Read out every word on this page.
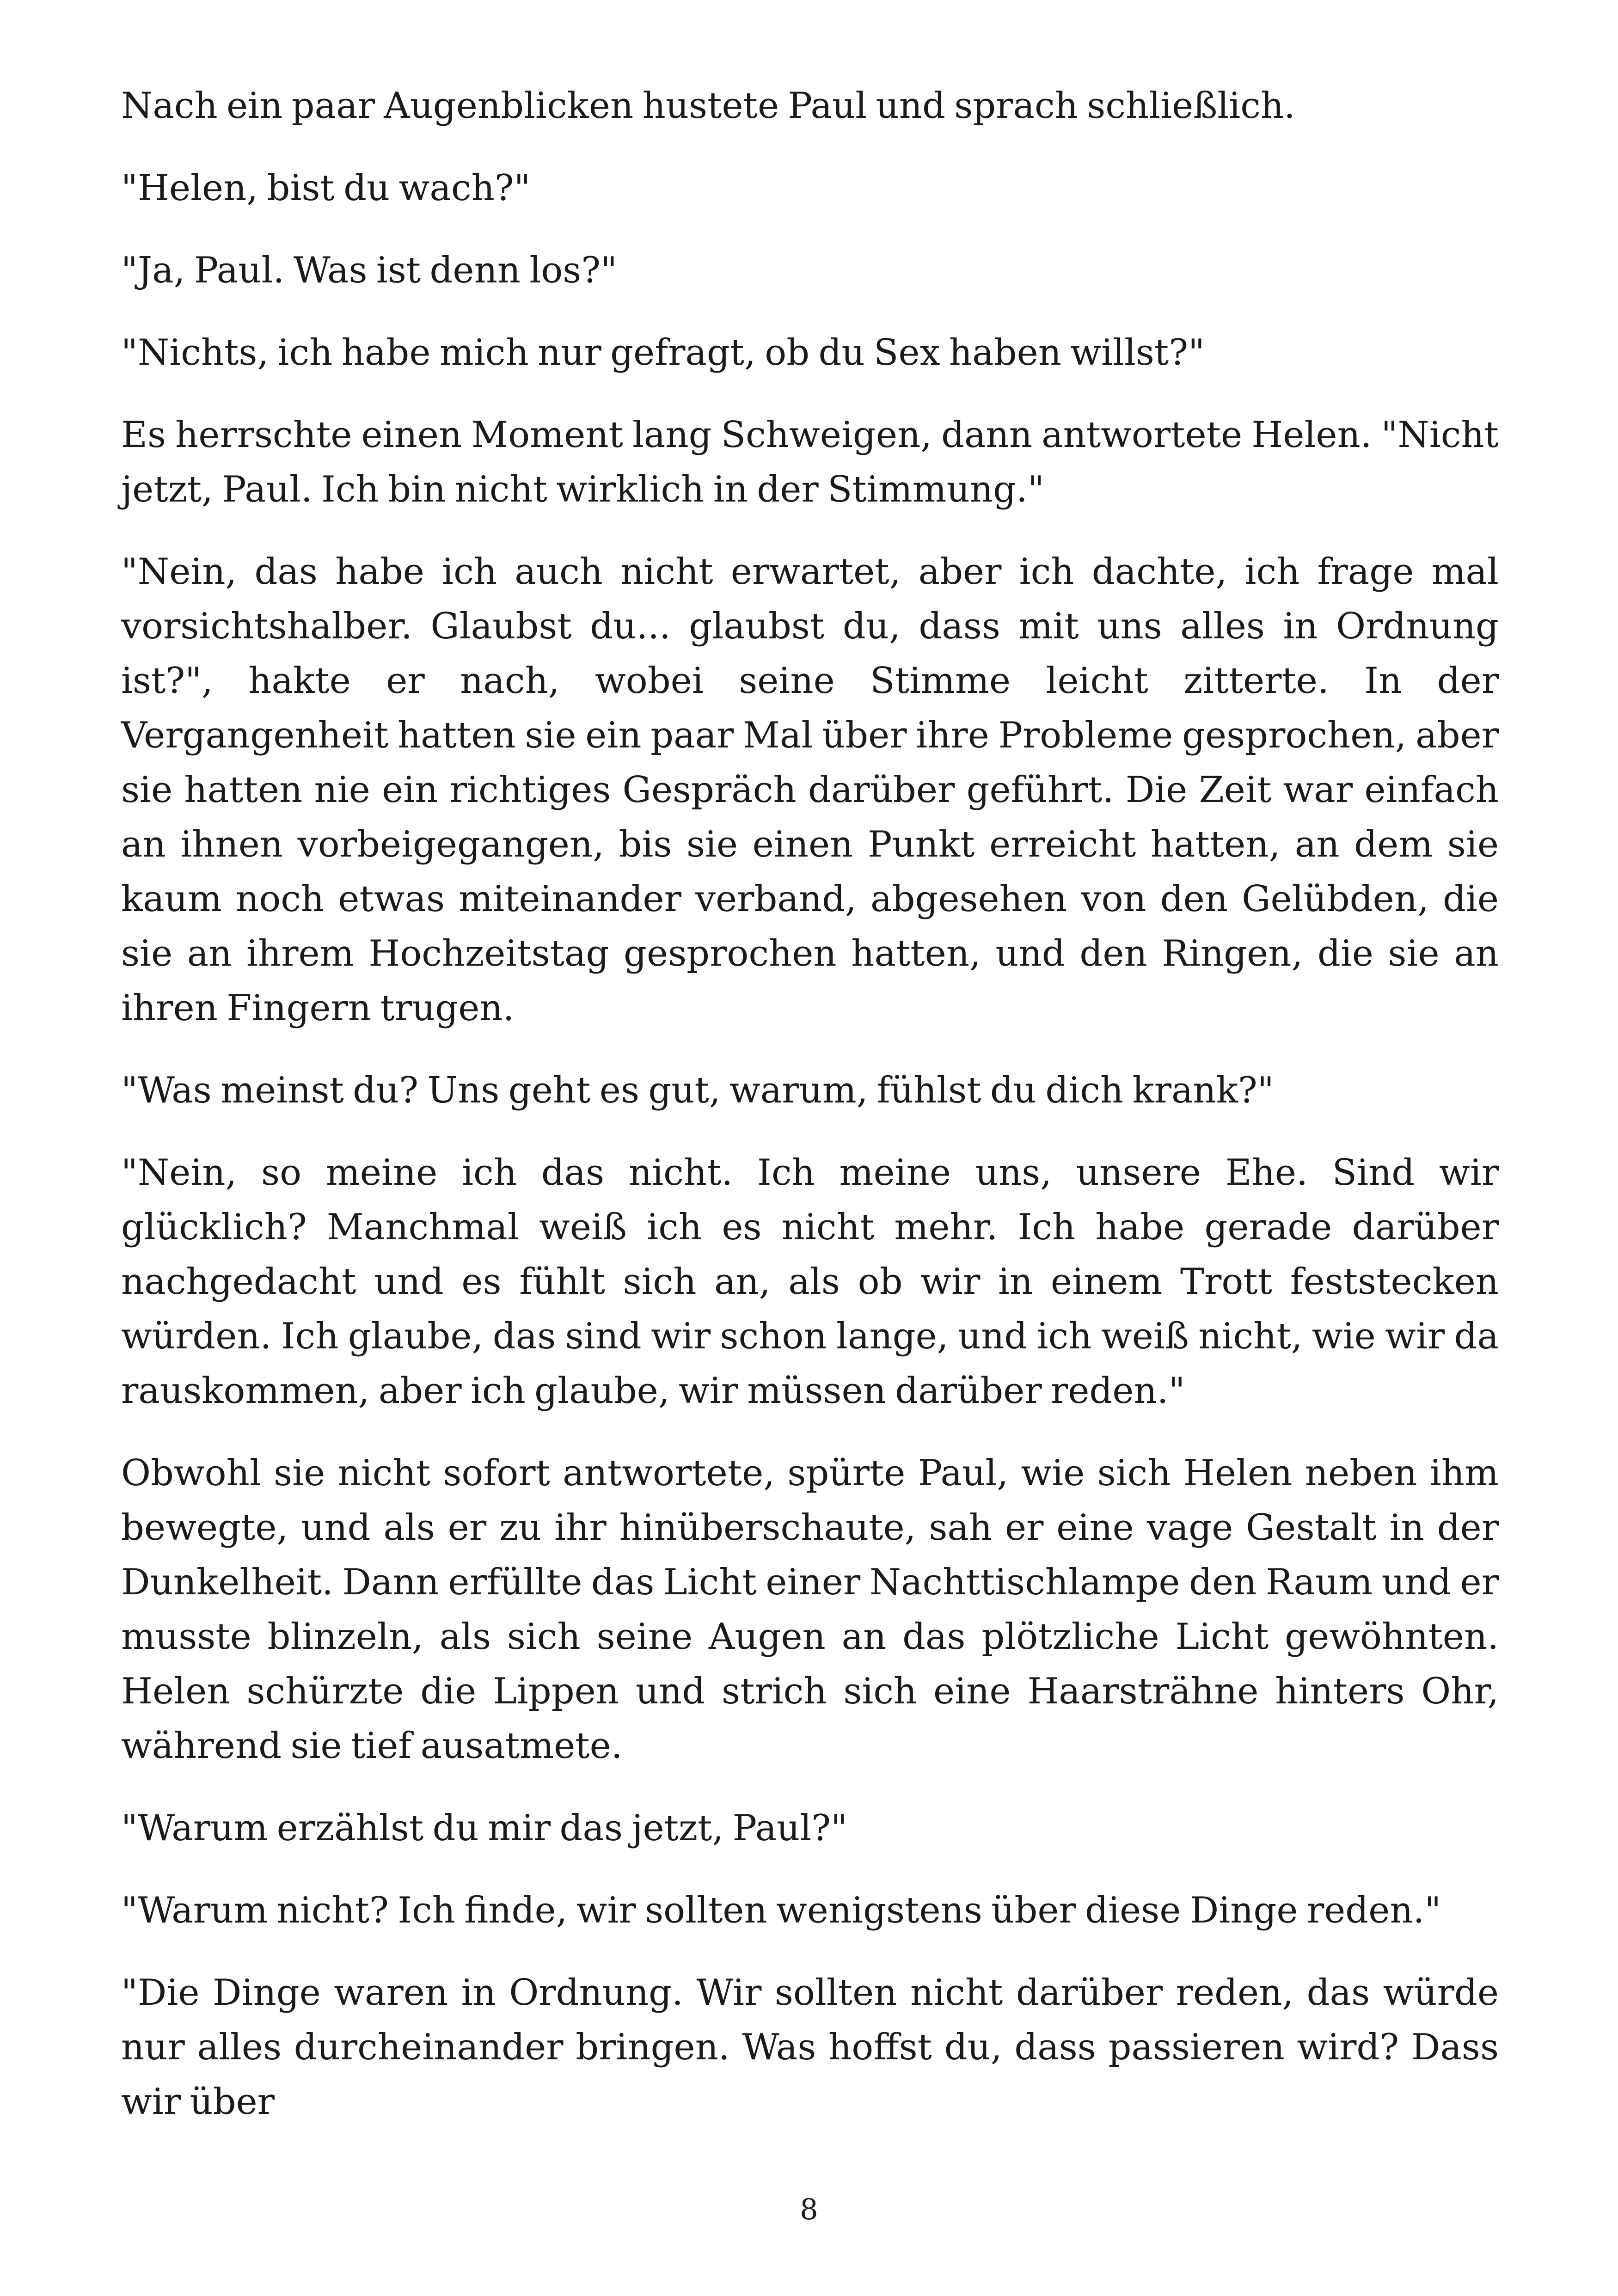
Nach ein paar Augenblicken hustete Paul und sprach schließlich.

"Helen, bist du wach?"

"Ja, Paul. Was ist denn los?"

"Nichts, ich habe mich nur gefragt, ob du Sex haben willst?"

Es herrschte einen Moment lang Schweigen, dann antwortete Helen. "Nicht jetzt, Paul. Ich bin nicht wirklich in der Stimmung."

"Nein, das habe ich auch nicht erwartet, aber ich dachte, ich frage mal vorsichtshalber. Glaubst du... glaubst du, dass mit uns alles in Ordnung ist?", hakte er nach, wobei seine Stimme leicht zitterte. In der Vergangenheit hatten sie ein paar Mal über ihre Probleme gesprochen, aber sie hatten nie ein richtiges Gespräch darüber geführt. Die Zeit war einfach an ihnen vorbeigegangen, bis sie einen Punkt erreicht hatten, an dem sie kaum noch etwas miteinander verband, abgesehen von den Gelübden, die sie an ihrem Hochzeitstag gesprochen hatten, und den Ringen, die sie an ihren Fingern trugen.

"Was meinst du? Uns geht es gut, warum, fühlst du dich krank?"

"Nein, so meine ich das nicht. Ich meine uns, unsere Ehe. Sind wir glücklich? Manchmal weiß ich es nicht mehr. Ich habe gerade darüber nachgedacht und es fühlt sich an, als ob wir in einem Trott feststecken würden. Ich glaube, das sind wir schon lange, und ich weiß nicht, wie wir da rauskommen, aber ich glaube, wir müssen darüber reden."

Obwohl sie nicht sofort antwortete, spürte Paul, wie sich Helen neben ihm bewegte, und als er zu ihr hinüberschaute, sah er eine vage Gestalt in der Dunkelheit. Dann erfüllte das Licht einer Nachttischlampe den Raum und er musste blinzeln, als sich seine Augen an das plötzliche Licht gewöhnten. Helen schürzte die Lippen und strich sich eine Haarsträhne hinters Ohr, während sie tief ausatmete.

"Warum erzählst du mir das jetzt, Paul?"

"Warum nicht? Ich finde, wir sollten wenigstens über diese Dinge reden."

"Die Dinge waren in Ordnung. Wir sollten nicht darüber reden, das würde nur alles durcheinander bringen. Was hoffst du, dass passieren wird? Dass wir über

8
